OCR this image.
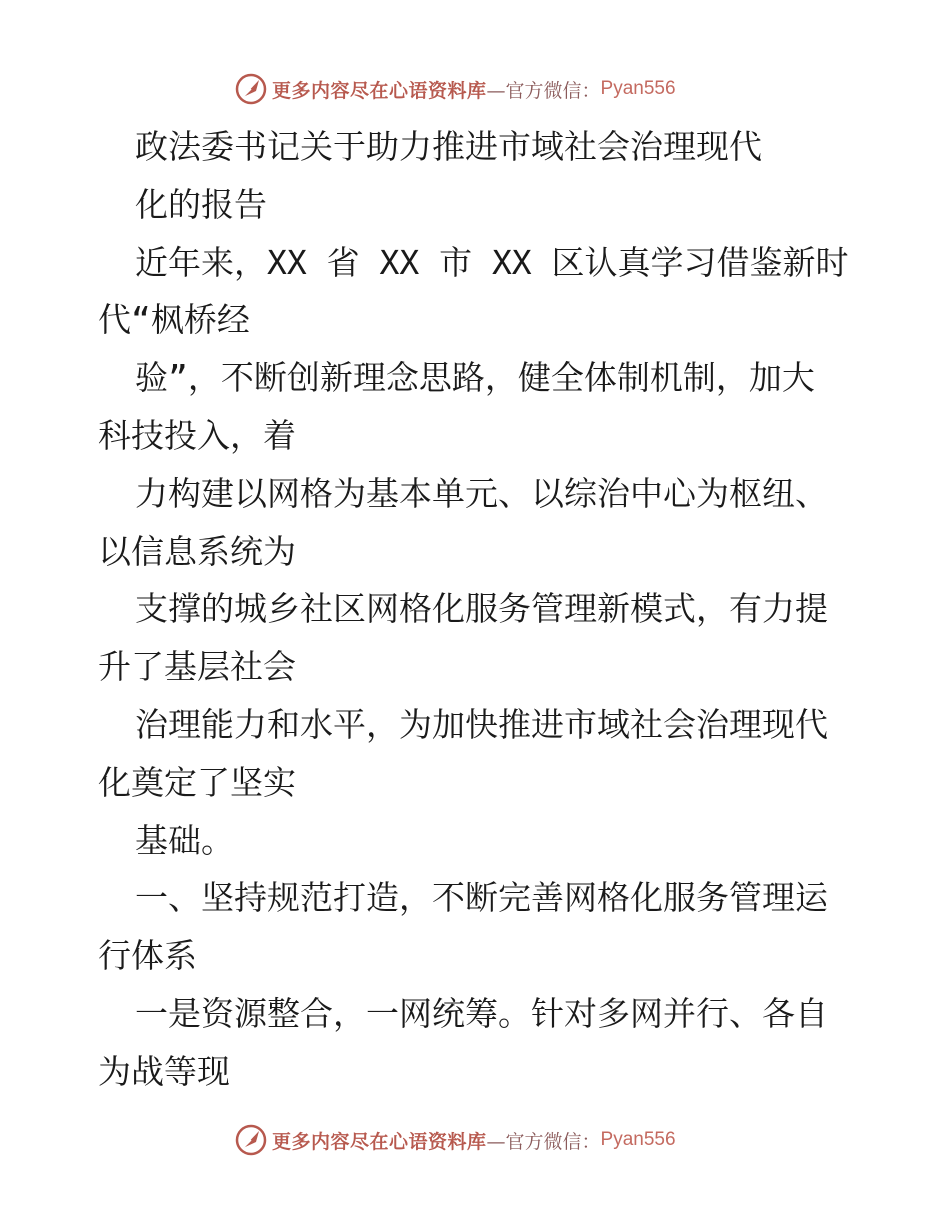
更多内容尽在心语资料库 —官方微信： Pyan556
政法委书记关于助力推进市域社会治理现代
化的报告
近年来，XX 省 XX 市 XX 区认真学习借鉴新时
代“枫桥经
验”，不断创新理念思路，健全体制机制，加大
科技投入，着
力构建以网格为基本单元、以综治中心为枢纽、
以信息系统为
支撑的城乡社区网格化服务管理新模式，有力提
升了基层社会
治理能力和水平，为加快推进市域社会治理现代
化奠定了坚实
基础。
一、坚持规范打造，不断完善网格化服务管理运
行体系
一是资源整合，一网统筹。针对多网并行、各自
为战等现
更多内容尽在心语资料库 —官方微信： Pyan556
